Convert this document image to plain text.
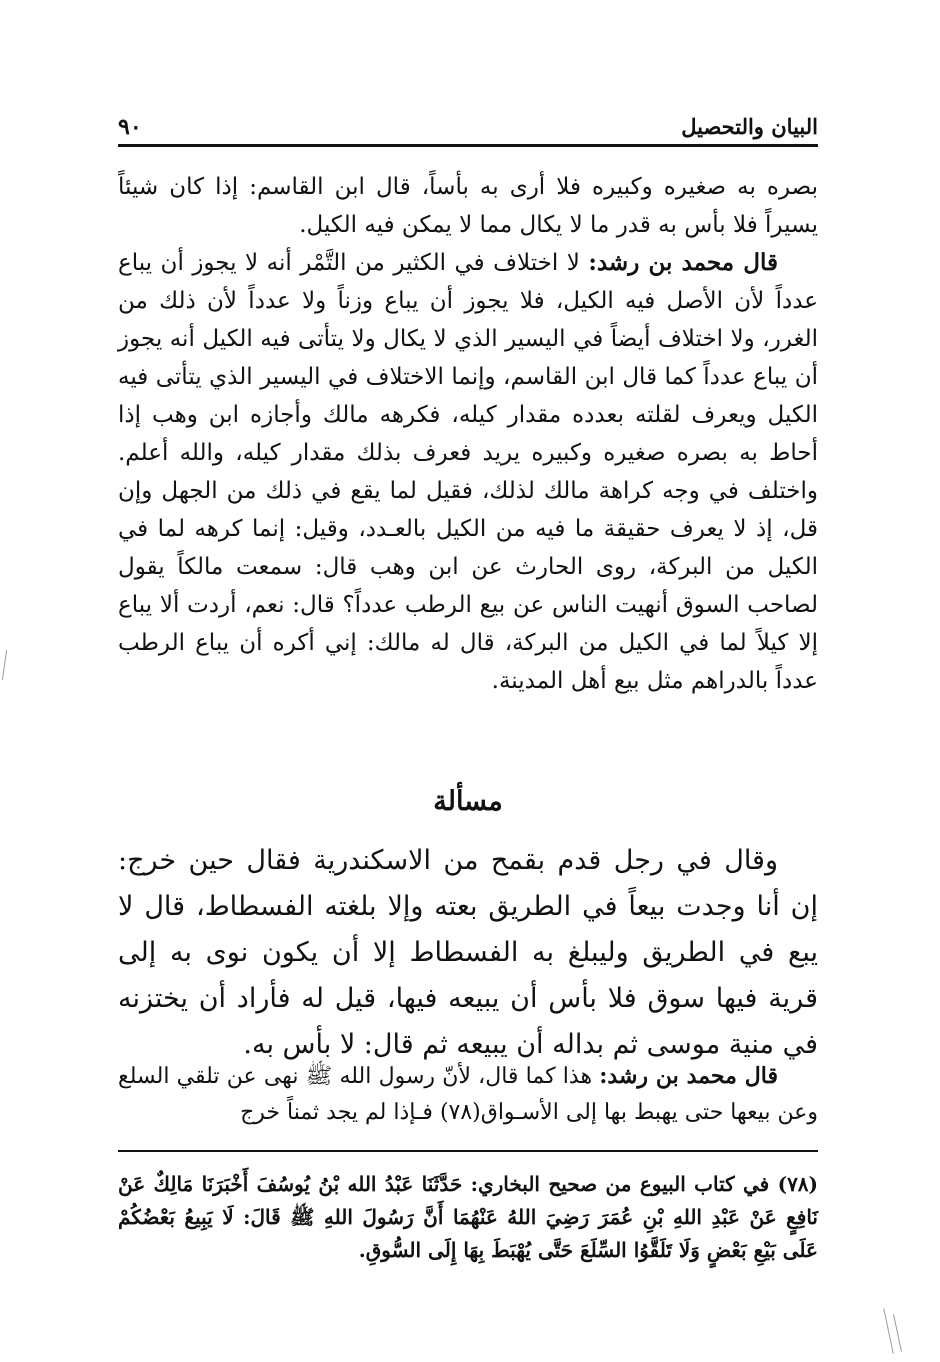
البيان والتحصيل
٩٠

بصره به صغيره وكبيره فلا أرى به بأساً، قال ابن القاسم: إذا كان شيئاً يسيراً فلا بأس به قدر ما لا يكال مما لا يمكن فيه الكيل.

قال محمد بن رشد: لا اختلاف في الكثير من التَّمْر أنه لا يجوز أن يباع عدداً لأن الأصل فيه الكيل، فلا يجوز أن يباع وزناً ولا عدداً لأن ذلك من الغرر، ولا اختلاف أيضاً في اليسير الذي لا يكال ولا يتأتى فيه الكيل أنه يجوز أن يباع عدداً كما قال ابن القاسم، وإنما الاختلاف في اليسير الذي يتأتى فيه الكيل ويعرف لقلته بعدده مقدار كيله، فكرهه مالك وأجازه ابن وهب إذا أحاط به بصره صغيره وكبيره يريد فعرف بذلك مقدار كيله، والله أعلم. واختلف في وجه كراهة مالك لذلك، فقيل لما يقع في ذلك من الجهل وإن قل، إذ لا يعرف حقيقة ما فيه من الكيل بالعـدد، وقيل: إنما كرهه لما في الكيل من البركة، روى الحارث عن ابن وهب قال: سمعت مالكاً يقول لصاحب السوق أنهيت الناس عن بيع الرطب عدداً؟ قال: نعم، أردت ألا يباع إلا كيلاً لما في الكيل من البركة، قال له مالك: إني أكره أن يباع الرطب عدداً بالدراهم مثل بيع أهل المدينة.

مسألة

وقال في رجل قدم بقمح من الاسكندرية فقال حين خرج: إن أنا وجدت بيعاً في الطريق بعته وإلا بلغته الفسطاط، قال لا يبع في الطريق وليبلغ به الفسطاط إلا أن يكون نوى به إلى قرية فيها سوق فلا بأس أن يبيعه فيها، قيل له فأراد أن يختزنه في منية موسى ثم بداله أن يبيعه ثم قال: لا بأس به.

قال محمد بن رشد: هذا كما قال، لأنّ رسول الله ﷺ نهى عن تلقي السلع وعن بيعها حتى يهبط بها إلى الأسـواق(٧٨) فـإذا لم يجد ثمناً خرج

(٧٨) في كتاب البيوع من صحيح البخاري: حَدَّثَنَا عَبْدُ الله بْنُ يُوسُفَ أَخْبَرَنَا مَالِكٌ عَنْ نَافِعٍ عَنْ عَبْدِ اللهِ بْنِ عُمَرَ رَضِيَ اللهُ عَنْهُمَا أَنَّ رَسُولَ اللهِ ﷺ قَالَ: لَا يَبِيعُ بَعْضُكُمْ عَلَى بَيْعِ بَعْضٍ وَلَا تَلَقَّوُا السِّلَعَ حَتَّى يُهْبَطَ بِهَا إِلَى السُّوقِ.
